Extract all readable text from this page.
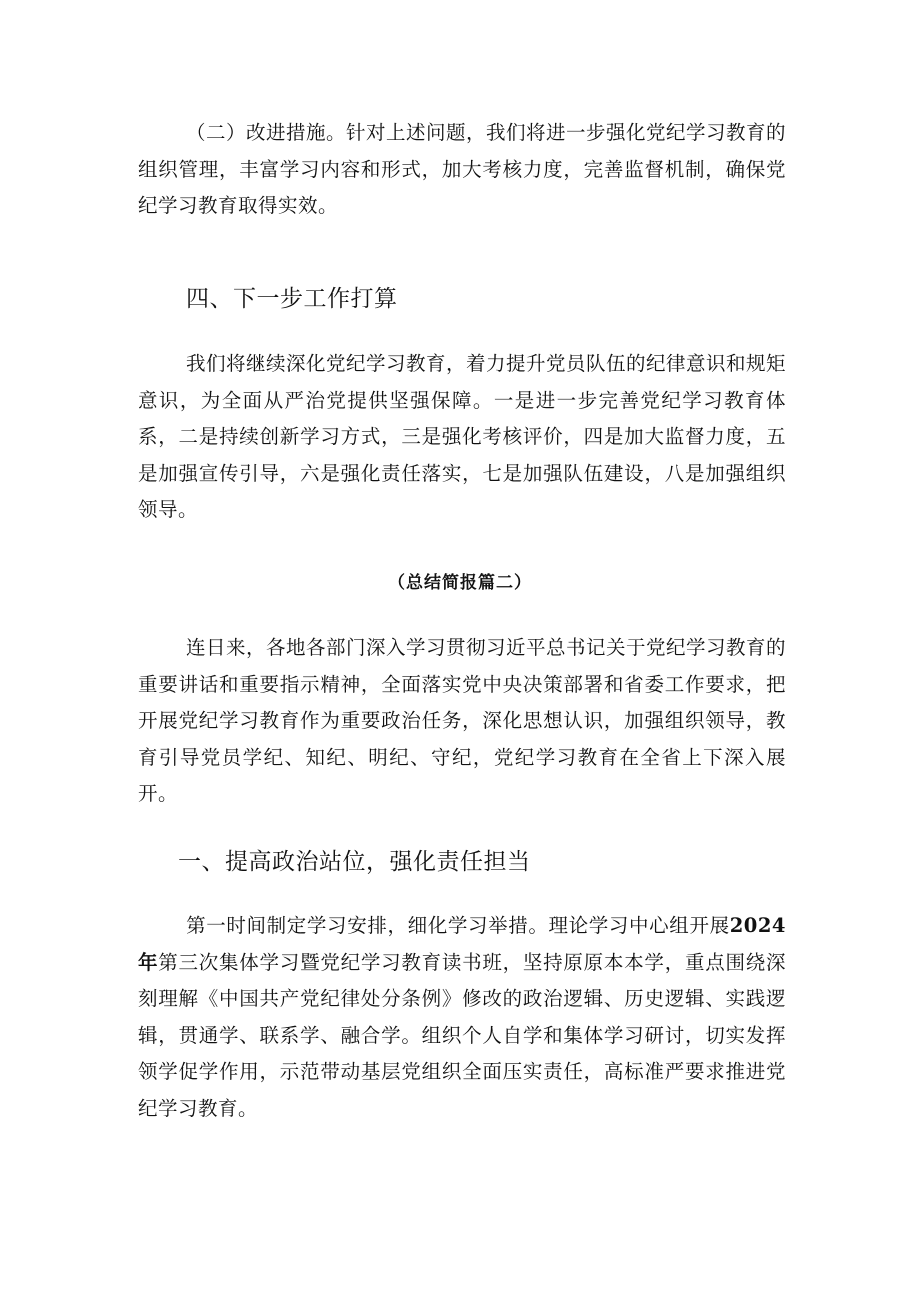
（二）改进措施。针对上述问题，我们将进一步强化党纪学习教育的组织管理，丰富学习内容和形式，加大考核力度，完善监督机制，确保党纪学习教育取得实效。

四、下一步工作打算

我们将继续深化党纪学习教育，着力提升党员队伍的纪律意识和规矩意识，为全面从严治党提供坚强保障。一是进一步完善党纪学习教育体系，二是持续创新学习方式，三是强化考核评价，四是加大监督力度，五是加强宣传引导，六是强化责任落实，七是加强队伍建设，八是加强组织领导。

（总结简报篇二）

连日来，各地各部门深入学习贯彻习近平总书记关于党纪学习教育的重要讲话和重要指示精神，全面落实党中央决策部署和省委工作要求，把开展党纪学习教育作为重要政治任务，深化思想认识，加强组织领导，教育引导党员学纪、知纪、明纪、守纪，党纪学习教育在全省上下深入展开。

一、提高政治站位，强化责任担当

第一时间制定学习安排，细化学习举措。理论学习中心组开展2024年第三次集体学习暨党纪学习教育读书班，坚持原原本本学，重点围绕深刻理解《中国共产党纪律处分条例》修改的政治逻辑、历史逻辑、实践逻辑，贯通学、联系学、融合学。组织个人自学和集体学习研讨，切实发挥领学促学作用，示范带动基层党组织全面压实责任，高标准严要求推进党纪学习教育。
